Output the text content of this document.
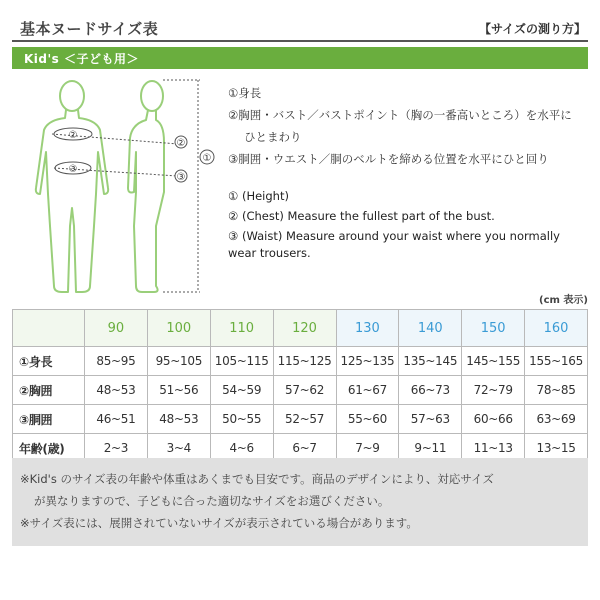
基本ヌードサイズ表	【サイズの測り方】
Kid's ＜子ども用＞
②
③
②
③
①
①身長
②胸囲・バスト／バストポイント（胸の一番高いところ）を水平に
ひとまわり
③胴囲・ウエスト／胴のベルトを締める位置を水平にひと回り
① (Height)
② (Chest) Measure the fullest part of the bust.
③ (Waist) Measure around your waist where you normally wear trousers.
(cm 表示)
	90	100	110	120	130	140	150	160
①身長	85~95	95~105	105~115	115~125	125~135	135~145	145~155	155~165
②胸囲	48~53	51~56	54~59	57~62	61~67	66~73	72~79	78~85
③胴囲	46~51	48~53	50~55	52~57	55~60	57~63	60~66	63~69
年齢(歳)	2~3	3~4	4~6	6~7	7~9	9~11	11~13	13~15
※Kid's のサイズ表の年齢や体重はあくまでも目安です。商品のデザインにより、対応サイズ
が異なりますので、子どもに合った適切なサイズをお選びください。
※サイズ表には、展開されていないサイズが表示されている場合があります。
